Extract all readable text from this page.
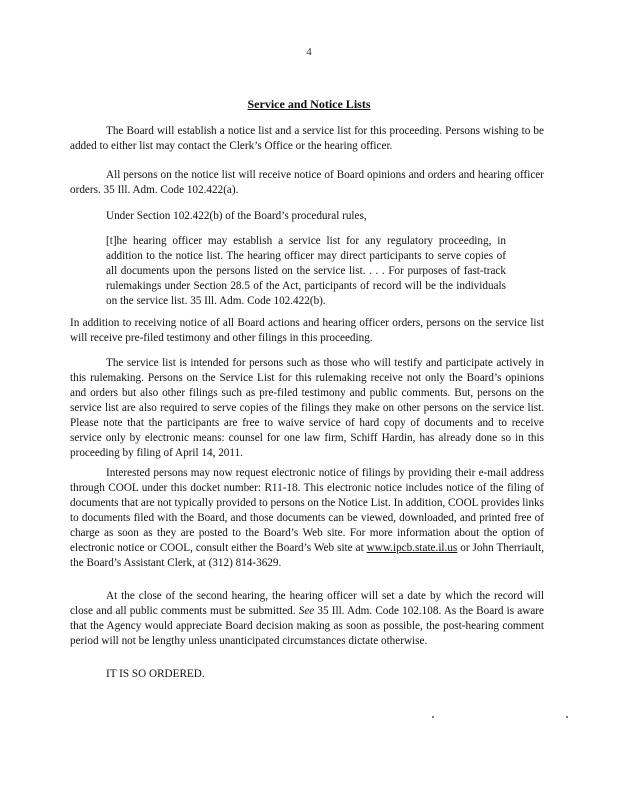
4
Service and Notice Lists

The Board will establish a notice list and a service list for this proceeding. Persons wishing to be added to either list may contact the Clerk’s Office or the hearing officer.

All persons on the notice list will receive notice of Board opinions and orders and hearing officer orders. 35 Ill. Adm. Code 102.422(a).

Under Section 102.422(b) of the Board’s procedural rules,

[t]he hearing officer may establish a service list for any regulatory proceeding, in addition to the notice list. The hearing officer may direct participants to serve copies of all documents upon the persons listed on the service list. . . . For purposes of fast-track rulemakings under Section 28.5 of the Act, participants of record will be the individuals on the service list. 35 Ill. Adm. Code 102.422(b).

In addition to receiving notice of all Board actions and hearing officer orders, persons on the service list will receive pre-filed testimony and other filings in this proceeding.

The service list is intended for persons such as those who will testify and participate actively in this rulemaking. Persons on the Service List for this rulemaking receive not only the Board’s opinions and orders but also other filings such as pre-filed testimony and public comments. But, persons on the service list are also required to serve copies of the filings they make on other persons on the service list. Please note that the participants are free to waive service of hard copy of documents and to receive service only by electronic means: counsel for one law firm, Schiff Hardin, has already done so in this proceeding by filing of April 14, 2011.

Interested persons may now request electronic notice of filings by providing their e-mail address through COOL under this docket number: R11-18. This electronic notice includes notice of the filing of documents that are not typically provided to persons on the Notice List. In addition, COOL provides links to documents filed with the Board, and those documents can be viewed, downloaded, and printed free of charge as soon as they are posted to the Board’s Web site. For more information about the option of electronic notice or COOL, consult either the Board’s Web site at www.ipcb.state.il.us or John Therriault, the Board’s Assistant Clerk, at (312) 814-3629.

At the close of the second hearing, the hearing officer will set a date by which the record will close and all public comments must be submitted. See 35 Ill. Adm. Code 102.108. As the Board is aware that the Agency would appreciate Board decision making as soon as possible, the post-hearing comment period will not be lengthy unless unanticipated circumstances dictate otherwise.

IT IS SO ORDERED.
